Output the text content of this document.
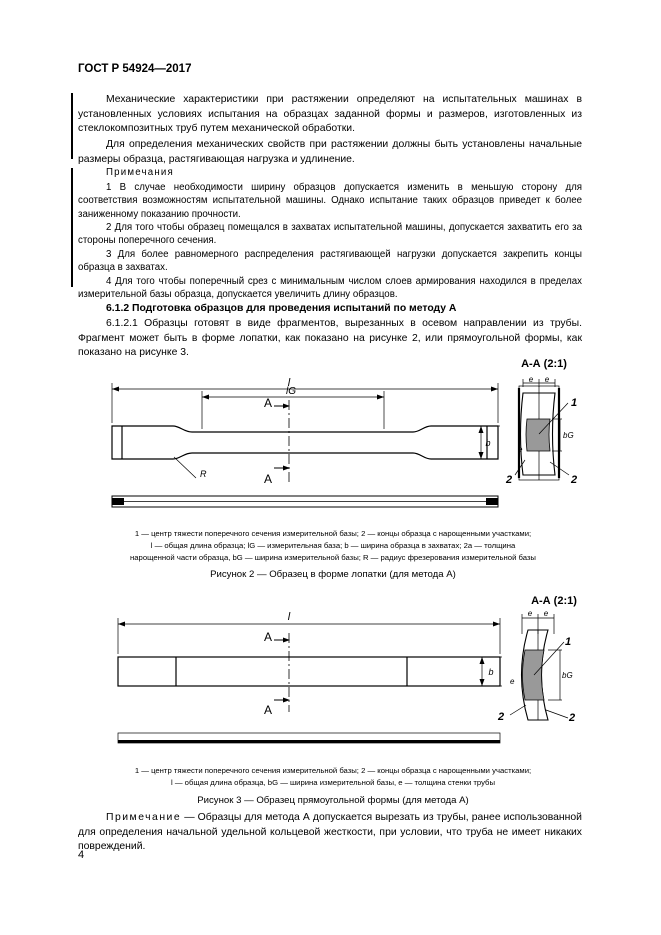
ГОСТ Р 54924—2017
Механические характеристики при растяжении определяют на испытательных машинах в установленных условиях испытания на образцах заданной формы и размеров, изготовленных из стеклокомпозитных труб путем механической обработки.
Для определения механических свойств при растяжении должны быть установлены начальные размеры образца, растягивающая нагрузка и удлинение.
Примечания
1 В случае необходимости ширину образцов допускается изменить в меньшую сторону для соответствия возможностям испытательной машины. Однако испытание таких образцов приведет к более заниженному показанию прочности.
2 Для того чтобы образец помещался в захватах испытательной машины, допускается захватить его за стороны поперечного сечения.
3 Для более равномерного распределения растягивающей нагрузки допускается закрепить концы образца в захватах.
4 Для того чтобы поперечный срез с минимальным числом слоев армирования находился в пределах измерительной базы образца, допускается увеличить длину образцов.
6.1.2 Подготовка образцов для проведения испытаний по методу А
6.1.2.1 Образцы готовят в виде фрагментов, вырезанных в осевом направлении из трубы. Фрагмент может быть в форме лопатки, как показано на рисунке 2, или прямоугольной формы, как показано на рисунке 3.
l
lG
A
A
b
R
А-А (2:1)
e e
e
bG
1
2	2
1 — центр тяжести поперечного сечения измерительной базы; 2 — концы образца с нарощенными участками;
l — общая длина образца; lG — измерительная база; b — ширина образца в захватах; 2а — толщина
нарощенной части образца, bG — ширина измерительной базы; R — радиус фрезерования измерительной базы
Рисунок 2 — Образец в форме лопатки (для метода А)
l
A
A
b
А-А (2:1)
e e
e
bG
1
2	2
1 — центр тяжести поперечного сечения измерительной базы; 2 — концы образца с нарощенными участками;
l — общая длина образца, bG — ширина измерительной базы, e — толщина стенки трубы
Рисунок 3 — Образец прямоугольной формы (для метода А)
Примечание — Образцы для метода А допускается вырезать из трубы, ранее использованной для определения начальной удельной кольцевой жесткости, при условии, что труба не имеет никаких повреждений.
4
